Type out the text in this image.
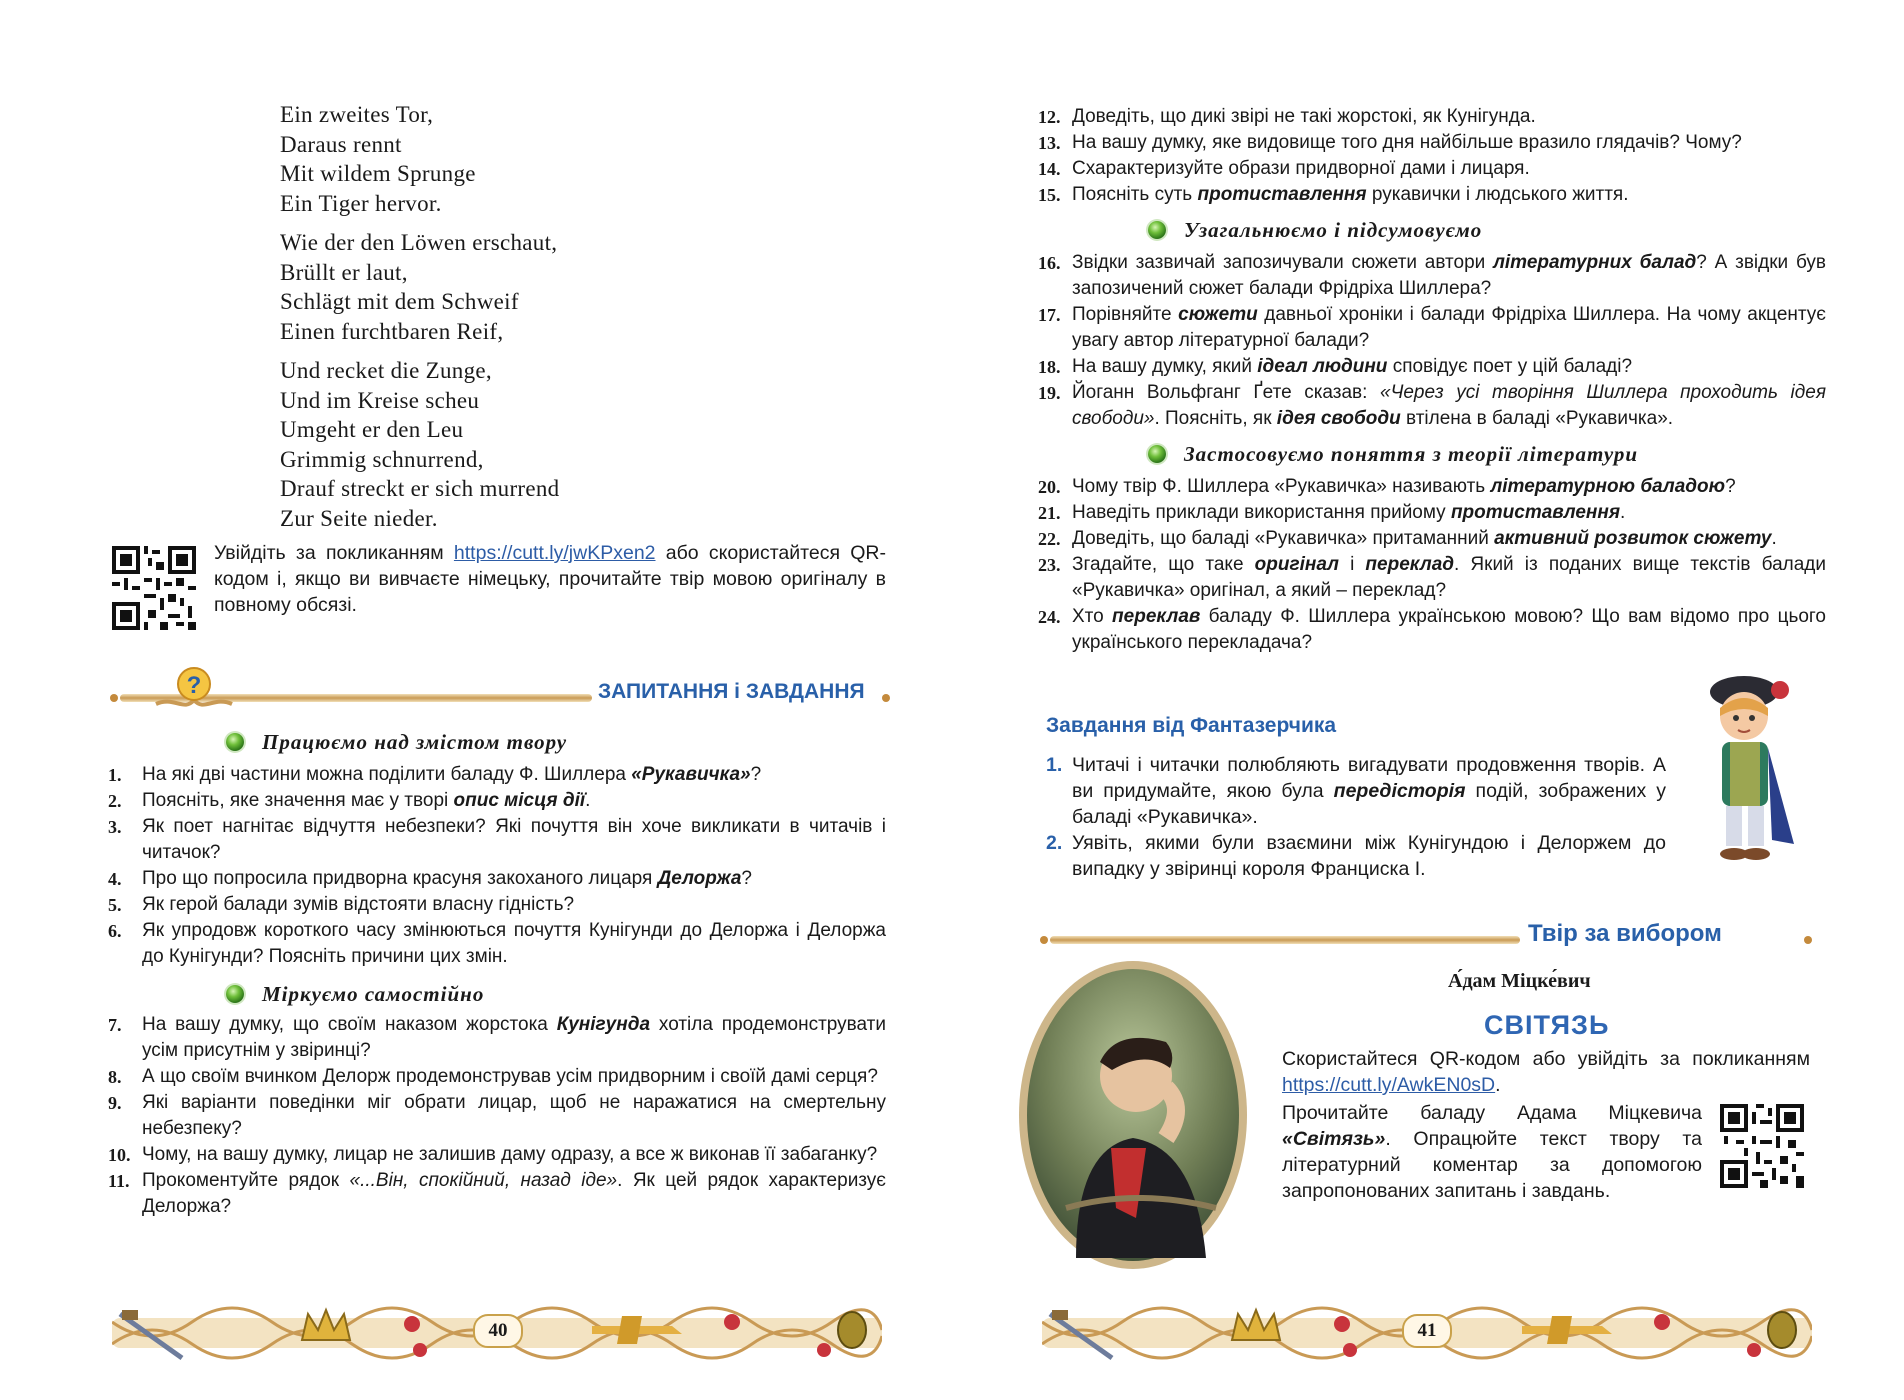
Ein zweites Tor,
Daraus rennt
Mit wildem Sprunge
Ein Tiger hervor.
Wie der den Löwen erschaut,
Brüllt er laut,
Schlägt mit dem Schweif
Einen furchtbaren Reif,
Und recket die Zunge,
Und im Kreise scheu
Umgeht er den Leu
Grimmig schnurrend,
Drauf streckt er sich murrend
Zur Seite nieder.
Увійдіть за покликанням https://cutt.ly/jwKPxen2 або скористайтеся QR-кодом і, якщо ви вивчаєте німецьку, прочитайте твір мовою оригіналу в повному обсязі.
?	ЗАПИТАННЯ і ЗАВДАННЯ
Працюємо над змістом твору
1. На які дві частини можна поділити баладу Ф. Шиллера «Рукавичка»?
2. Поясніть, яке значення має у творі опис місця дії.
3. Як поет нагнітає відчуття небезпеки? Які почуття він хоче викликати в читачів і читачок?
4. Про що попросила придворна красуня закоханого лицаря Делоржа?
5. Як герой балади зумів відстояти власну гідність?
6. Як упродовж короткого часу змінюються почуття Кунігунди до Делоржа і Делоржа до Кунігунди? Поясніть причини цих змін.
Міркуємо самостійно
7. На вашу думку, що своїм наказом жорстока Кунігунда хотіла продемонструвати усім присутнім у звіринці?
8. А що своїм вчинком Делорж продемонстрував усім придворним і своїй дамі серця?
9. Які варіанти поведінки міг обрати лицар, щоб не наражатися на смертельну небезпеку?
10. Чому, на вашу думку, лицар не залишив даму одразу, а все ж виконав її забаганку?
11. Прокоментуйте рядок «...Він, спокійний, назад іде». Як цей рядок характеризує Делоржа?
40
12. Доведіть, що дикі звірі не такі жорстокі, як Кунігунда.
13. На вашу думку, яке видовище того дня найбільше вразило глядачів? Чому?
14. Схарактеризуйте образи придворної дами і лицаря.
15. Поясніть суть протиставлення рукавички і людського життя.
Узагальнюємо і підсумовуємо
16. Звідки зазвичай запозичували сюжети автори літературних балад? А звідки був запозичений сюжет балади Фрідріха Шиллера?
17. Порівняйте сюжети давньої хроніки і балади Фрідріха Шиллера. На чому акцентує увагу автор літературної балади?
18. На вашу думку, який ідеал людини сповідує поет у цій баладі?
19. Йоганн Вольфганг Ґете сказав: «Через усі творіння Шиллера проходить ідея свободи». Поясніть, як ідея свободи втілена в баладі «Рукавичка».
Застосовуємо поняття з теорії літератури
20. Чому твір Ф. Шиллера «Рукавичка» називають літературною баладою?
21. Наведіть приклади використання прийому протиставлення.
22. Доведіть, що баладі «Рукавичка» притаманний активний розвиток сюжету.
23. Згадайте, що таке оригінал і переклад. Який із поданих вище текстів балади «Рукавичка» оригінал, а який – переклад?
24. Хто переклав баладу Ф. Шиллера українською мовою? Що вам відомо про цього українського перекладача?
Завдання від Фантазерчика
1. Читачі і читачки полюбляють вигадувати продовження творів. А ви придумайте, якою була передісторія подій, зображених у баладі «Рукавичка».
2. Уявіть, якими були взаємини між Кунігундою і Делоржем до випадку у звіринці короля Франциска I.
Твір за вибором
А́дам Міцке́вич
СВІТЯЗЬ
Скористайтеся QR-кодом або увійдіть за покликанням https://cutt.ly/AwkEN0sD.
Прочитайте баладу Адама Міцкевича «Світязь». Опрацюйте текст твору та літературний коментар за допомогою запропонованих запитань і завдань.
41
